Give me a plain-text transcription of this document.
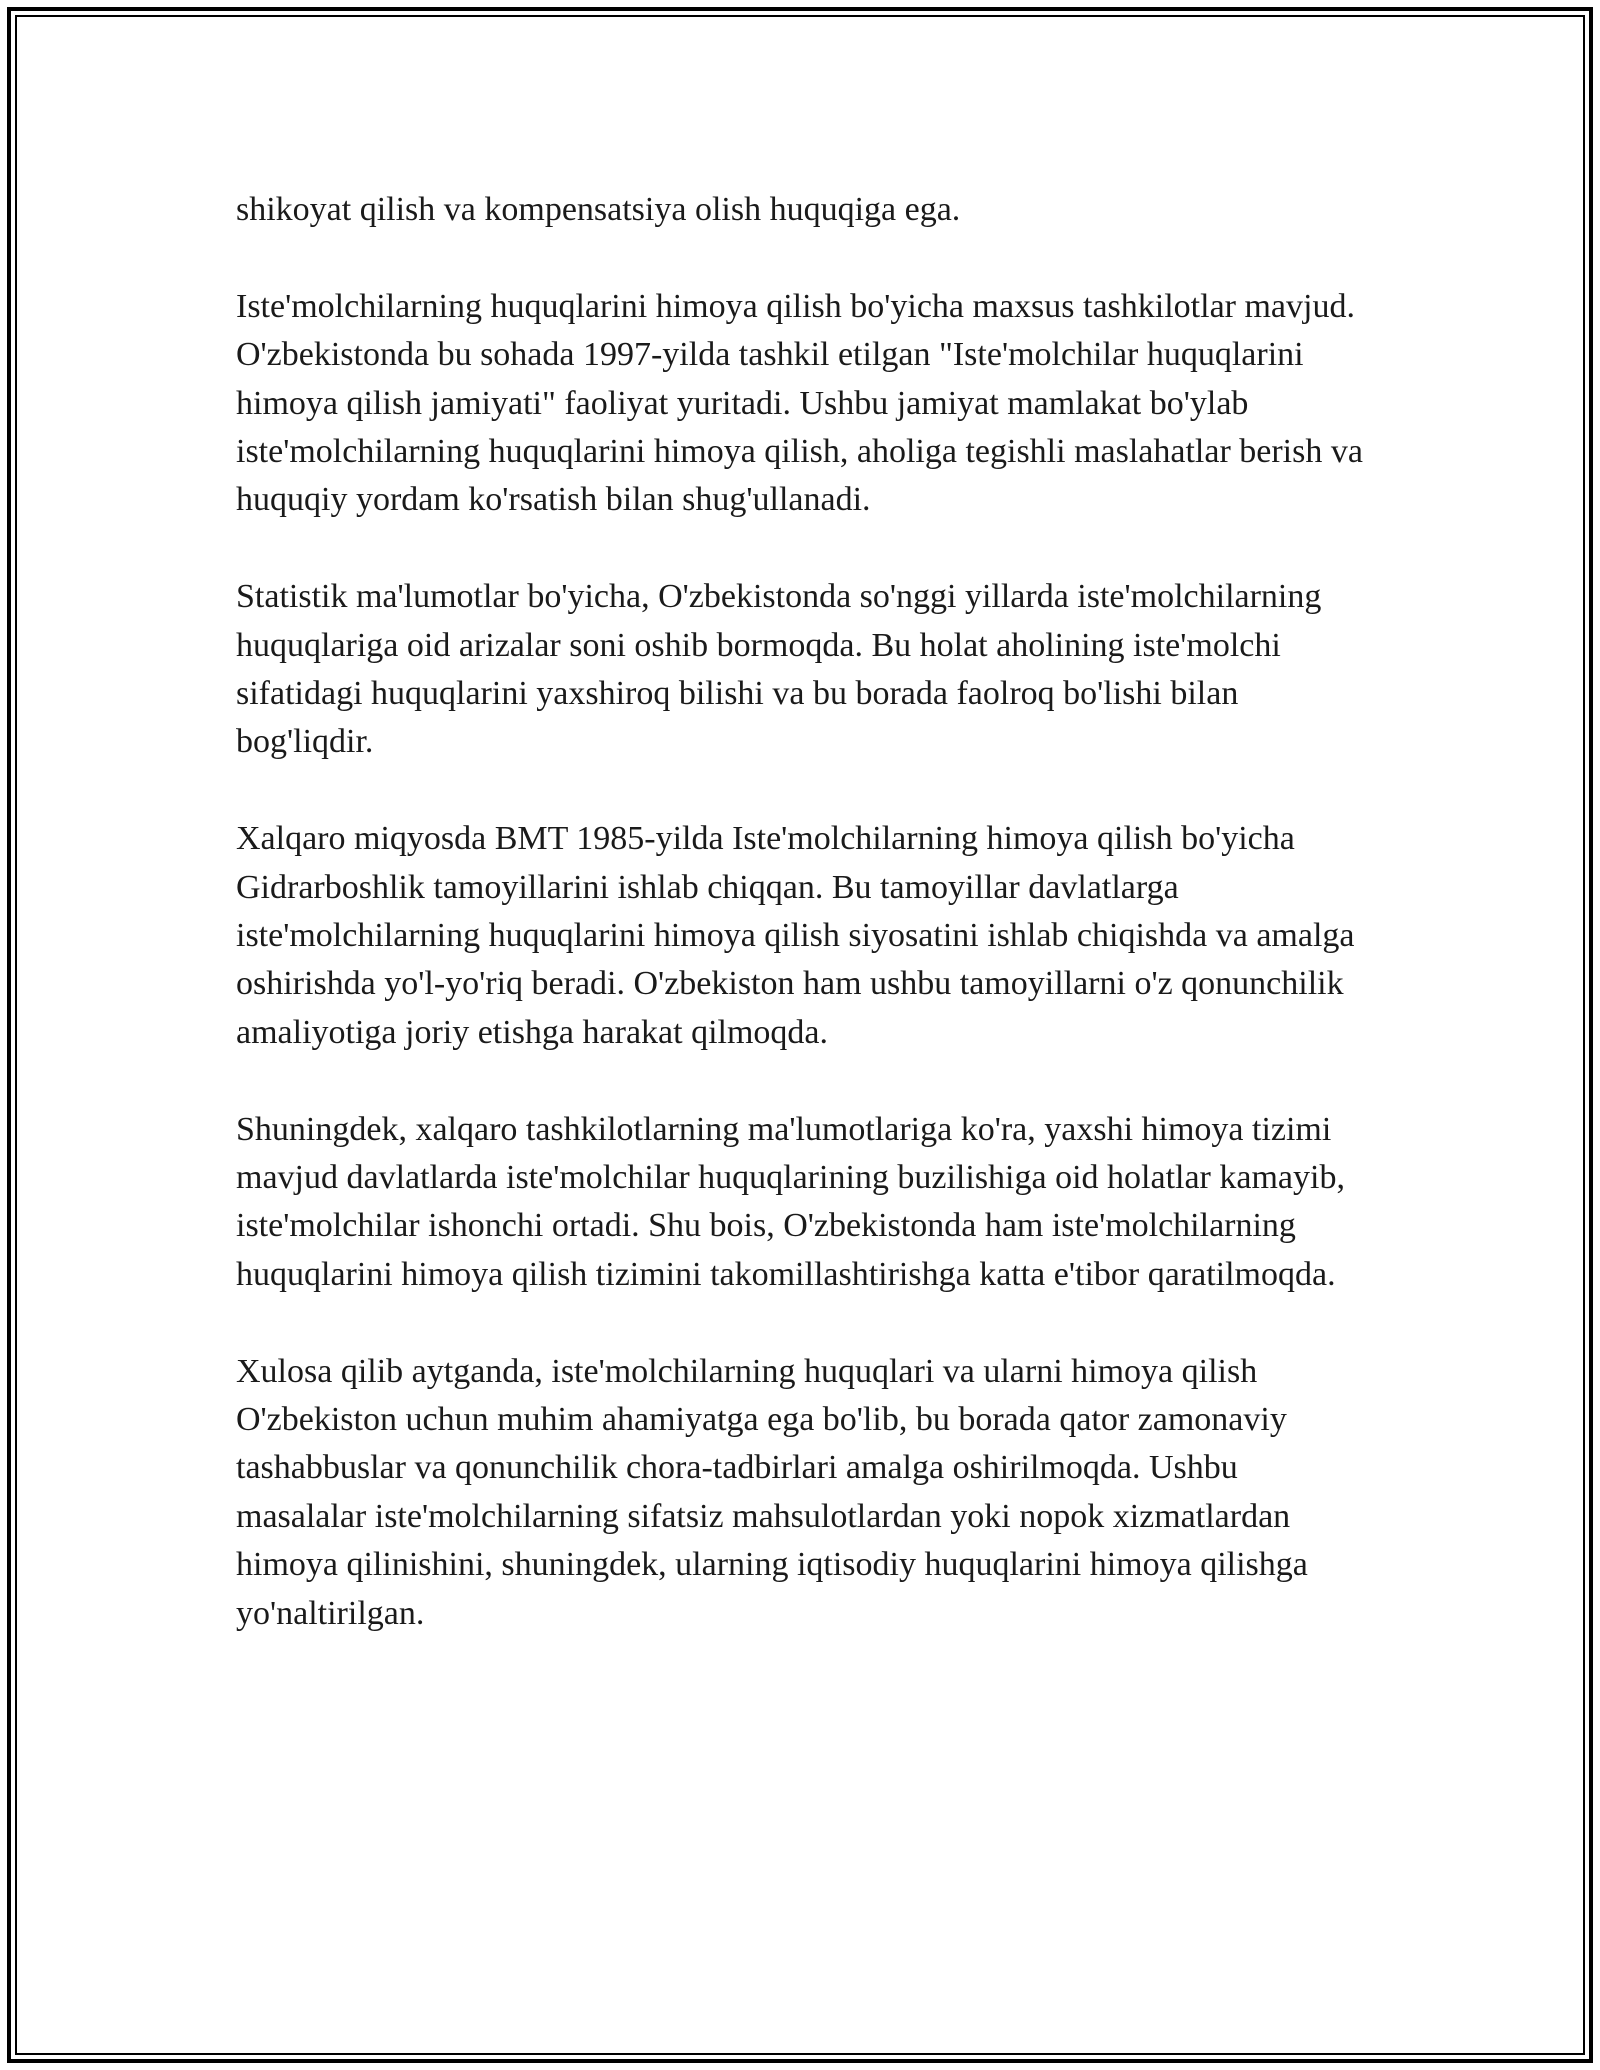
shikoyat qilish va kompensatsiya olish huquqiga ega.

Iste'molchilarning huquqlarini himoya qilish bo'yicha maxsus tashkilotlar mavjud. O'zbekistonda bu sohada 1997-yilda tashkil etilgan "Iste'molchilar huquqlarini himoya qilish jamiyati" faoliyat yuritadi. Ushbu jamiyat mamlakat bo'ylab iste'molchilarning huquqlarini himoya qilish, aholiga tegishli maslahatlar berish va huquqiy yordam ko'rsatish bilan shug'ullanadi.

Statistik ma'lumotlar bo'yicha, O'zbekistonda so'nggi yillarda iste'molchilarning huquqlariga oid arizalar soni oshib bormoqda. Bu holat aholining iste'molchi sifatidagi huquqlarini yaxshiroq bilishi va bu borada faolroq bo'lishi bilan bog'liqdir.

Xalqaro miqyosda BMT 1985-yilda Iste'molchilarning himoya qilish bo'yicha Gidrarboshlik tamoyillarini ishlab chiqqan. Bu tamoyillar davlatlarga iste'molchilarning huquqlarini himoya qilish siyosatini ishlab chiqishda va amalga oshirishda yo'l-yo'riq beradi. O'zbekiston ham ushbu tamoyillarni o'z qonunchilik amaliyotiga joriy etishga harakat qilmoqda.

Shuningdek, xalqaro tashkilotlarning ma'lumotlariga ko'ra, yaxshi himoya tizimi mavjud davlatlarda iste'molchilar huquqlarining buzilishiga oid holatlar kamayib, iste'molchilar ishonchi ortadi. Shu bois, O'zbekistonda ham iste'molchilarning huquqlarini himoya qilish tizimini takomillashtirishga katta e'tibor qaratilmoqda.

Xulosa qilib aytganda, iste'molchilarning huquqlari va ularni himoya qilish O'zbekiston uchun muhim ahamiyatga ega bo'lib, bu borada qator zamonaviy tashabbuslar va qonunchilik chora-tadbirlari amalga oshirilmoqda. Ushbu masalalar iste'molchilarning sifatsiz mahsulotlardan yoki nopok xizmatlardan himoya qilinishini, shuningdek, ularning iqtisodiy huquqlarini himoya qilishga yo'naltirilgan.
